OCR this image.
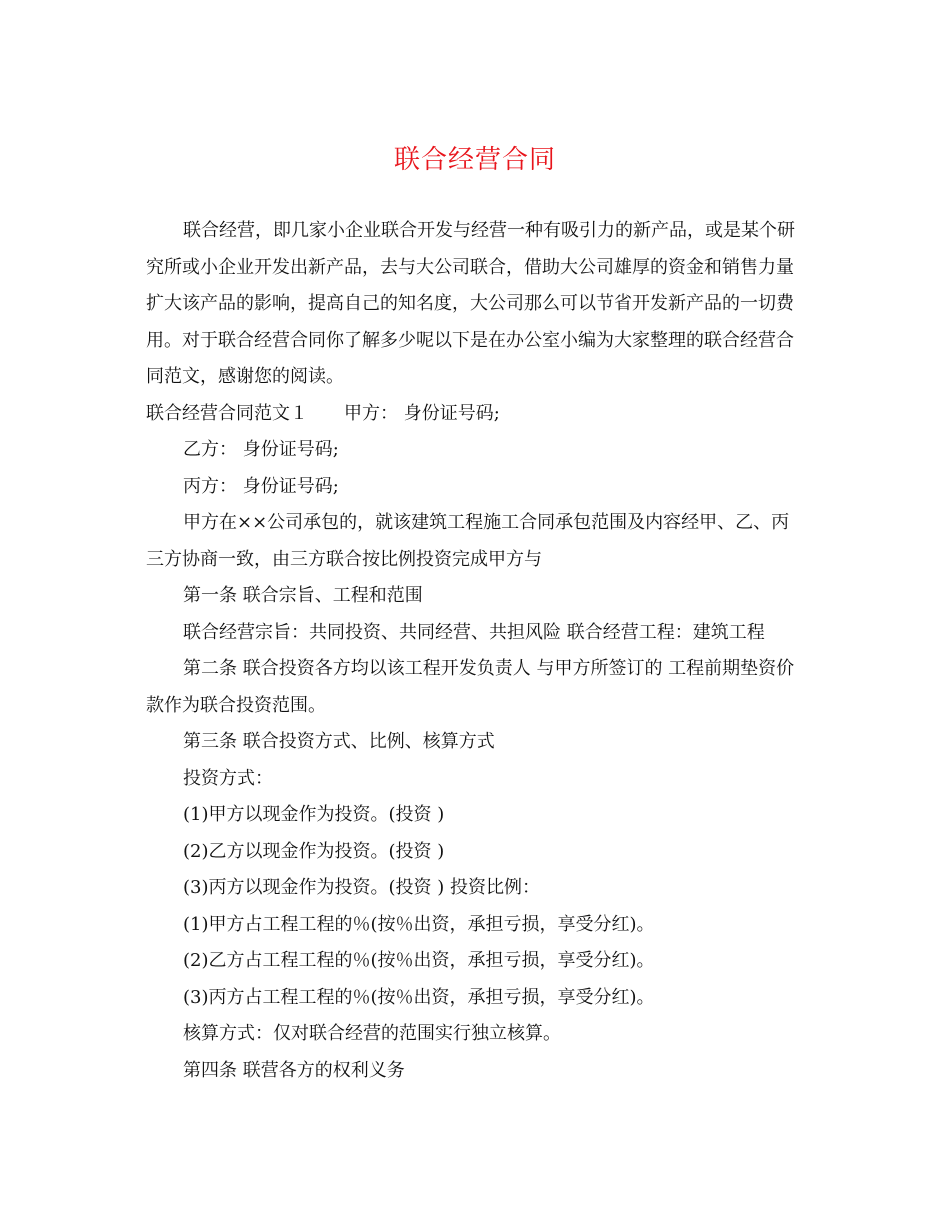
联合经营合同

联合经营，即几家小企业联合开发与经营一种有吸引力的新产品，或是某个研究所或小企业开发出新产品，去与大公司联合，借助大公司雄厚的资金和销售力量扩大该产品的影响，提高自己的知名度，大公司那么可以节省开发新产品的一切费用。对于联合经营合同你了解多少呢以下是在办公室小编为大家整理的联合经营合同范文，感谢您的阅读。

联合经营合同范文１ 甲方： 身份证号码;

乙方： 身份证号码;

丙方： 身份证号码;

甲方在××公司承包的，就该建筑工程施工合同承包范围及内容经甲、乙、丙三方协商一致，由三方联合按比例投资完成甲方与

第一条 联合宗旨、工程和范围

联合经营宗旨：共同投资、共同经营、共担风险 联合经营工程：建筑工程

第二条 联合投资各方均以该工程开发负责人 与甲方所签订的 工程前期垫资价款作为联合投资范围。

第三条 联合投资方式、比例、核算方式

投资方式：

(1)甲方以现金作为投资。(投资 )

(2)乙方以现金作为投资。(投资 )

(3)丙方以现金作为投资。(投资 ) 投资比例：

(1)甲方占工程工程的％(按％出资，承担亏损，享受分红)。

(2)乙方占工程工程的％(按％出资，承担亏损，享受分红)。

(3)丙方占工程工程的％(按％出资，承担亏损，享受分红)。

核算方式：仅对联合经营的范围实行独立核算。

第四条 联营各方的权利义务
